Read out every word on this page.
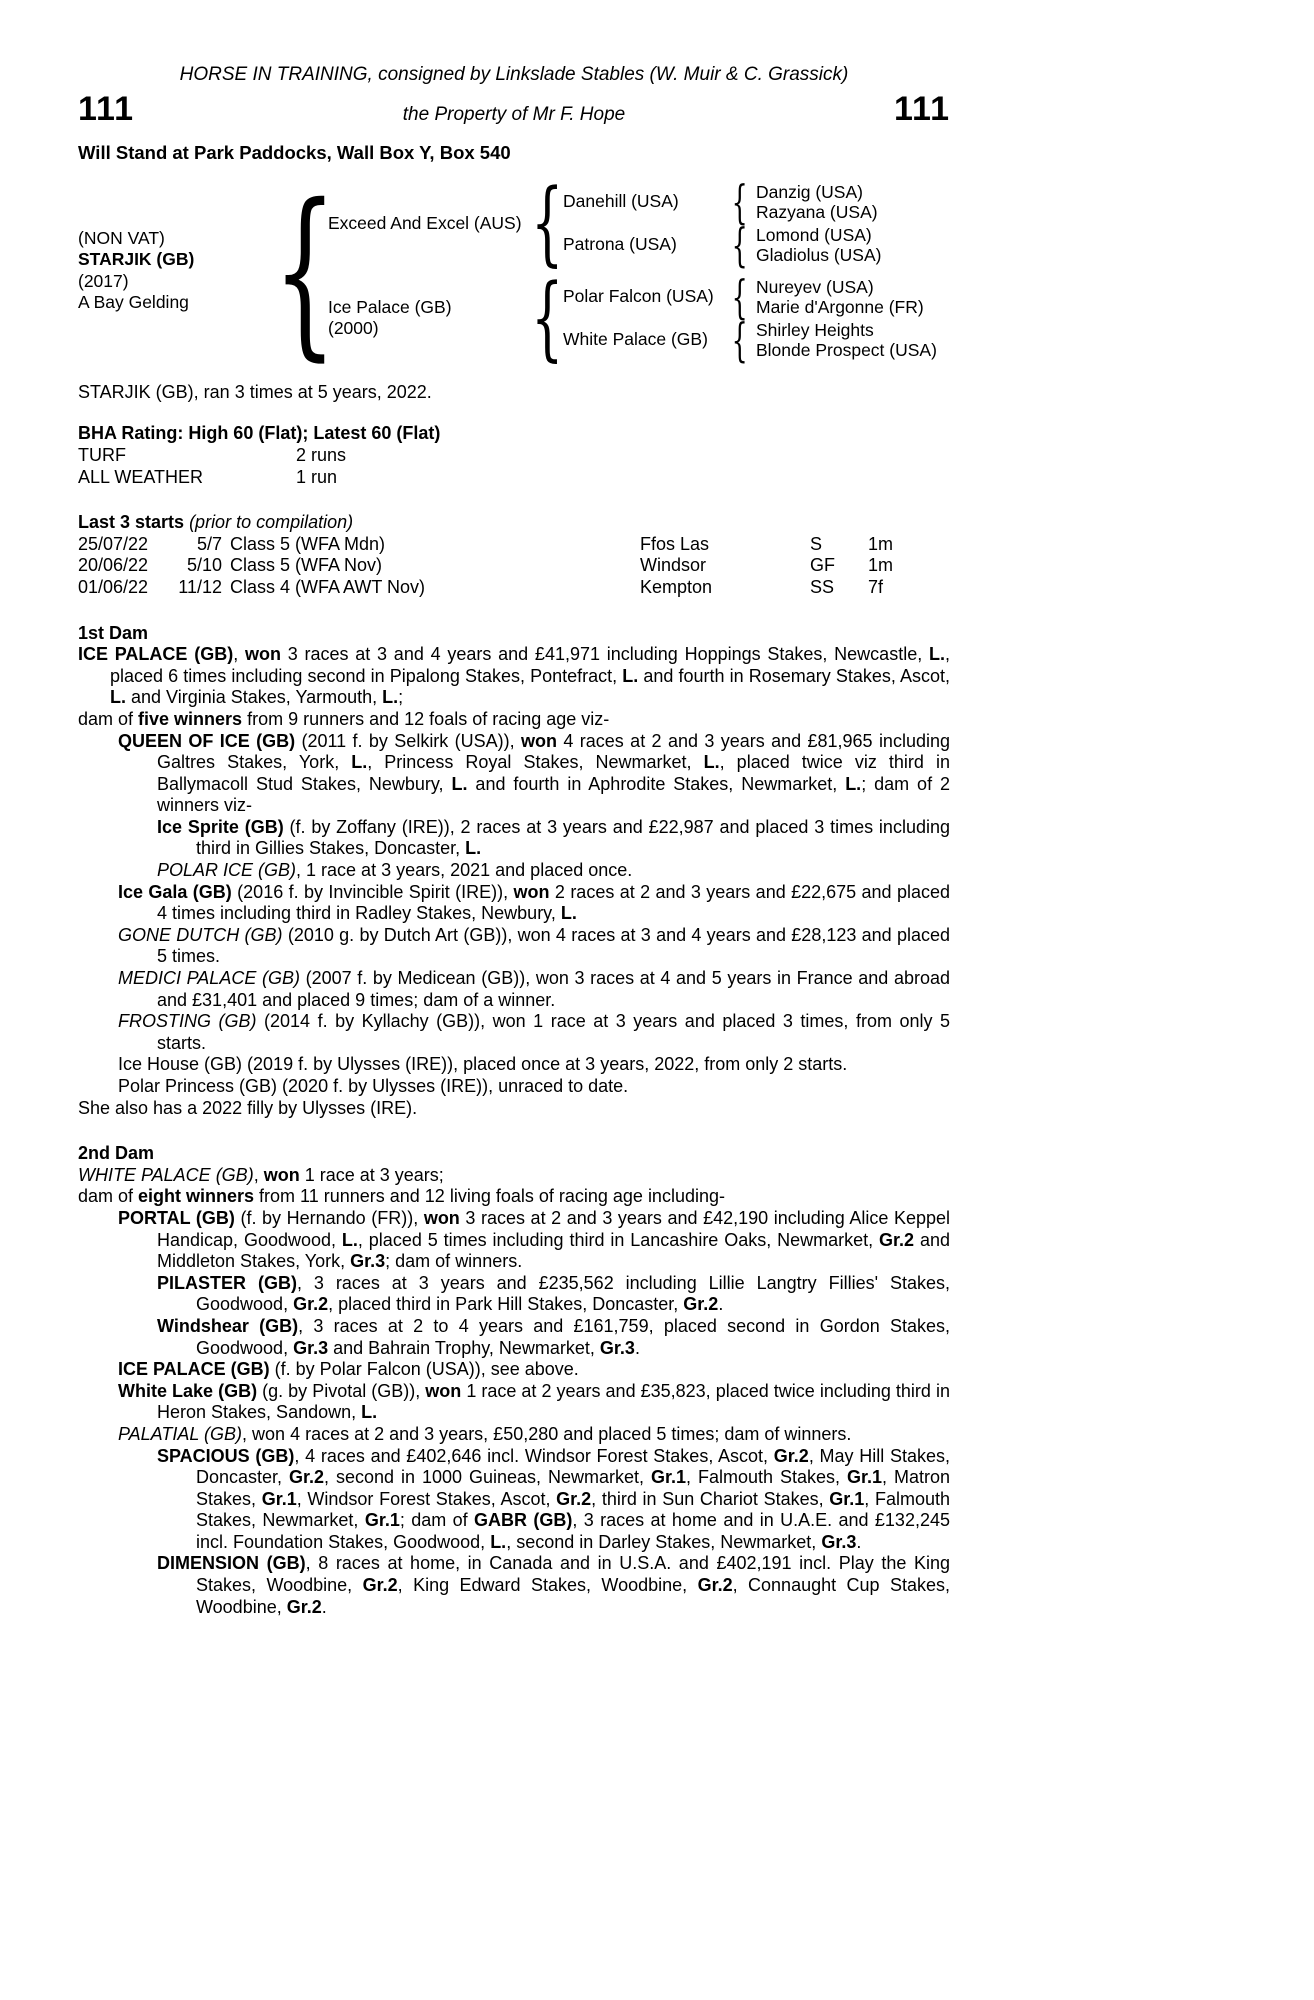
HORSE IN TRAINING, consigned by Linkslade Stables (W. Muir & C. Grassick)
111	the Property of Mr F. Hope	111
Will Stand at Park Paddocks, Wall Box Y, Box 540
(NON VAT)
STARJIK (GB)
(2017)
A Bay Gelding {
Exceed And Excel (AUS) { Danehill (USA)	{ Danzig (USA)
Razyana (USA)
Patrona (USA)	{ Lomond (USA)
Gladiolus (USA)
Ice Palace (GB)
(2000)	{ Polar Falcon (USA) { Nureyev (USA)
Marie d'Argonne (FR)
White Palace (GB) { Shirley Heights
Blonde Prospect (USA)
STARJIK (GB), ran 3 times at 5 years, 2022.
BHA Rating: High 60 (Flat); Latest 60 (Flat)
TURF	2 runs
ALL WEATHER	1 run
Last 3 starts (prior to compilation)
25/07/22	5/7 Class 5 (WFA Mdn)	Ffos Las	S	1m
20/06/22	5/10 Class 5 (WFA Nov)	Windsor	GF	1m
01/06/22	11/12 Class 4 (WFA AWT Nov)	Kempton	SS	7f
1st Dam

ICE PALACE (GB), won 3 races at 3 and 4 years and £41,971 including Hoppings Stakes, Newcastle, L., placed 6 times including second in Pipalong Stakes, Pontefract, L. and fourth in Rosemary Stakes, Ascot, L. and Virginia Stakes, Yarmouth, L.;

dam of five winners from 9 runners and 12 foals of racing age viz-

QUEEN OF ICE (GB) (2011 f. by Selkirk (USA)), won 4 races at 2 and 3 years and £81,965 including Galtres Stakes, York, L., Princess Royal Stakes, Newmarket, L., placed twice viz third in Ballymacoll Stud Stakes, Newbury, L. and fourth in Aphrodite Stakes, Newmarket, L.; dam of 2 winners viz-

Ice Sprite (GB) (f. by Zoffany (IRE)), 2 races at 3 years and £22,987 and placed 3 times including third in Gillies Stakes, Doncaster, L.

POLAR ICE (GB), 1 race at 3 years, 2021 and placed once.

Ice Gala (GB) (2016 f. by Invincible Spirit (IRE)), won 2 races at 2 and 3 years and £22,675 and placed 4 times including third in Radley Stakes, Newbury, L.

GONE DUTCH (GB) (2010 g. by Dutch Art (GB)), won 4 races at 3 and 4 years and £28,123 and placed 5 times.

MEDICI PALACE (GB) (2007 f. by Medicean (GB)), won 3 races at 4 and 5 years in France and abroad and £31,401 and placed 9 times; dam of a winner.

FROSTING (GB) (2014 f. by Kyllachy (GB)), won 1 race at 3 years and placed 3 times, from only 5 starts.

Ice House (GB) (2019 f. by Ulysses (IRE)), placed once at 3 years, 2022, from only 2 starts.

Polar Princess (GB) (2020 f. by Ulysses (IRE)), unraced to date.

She also has a 2022 filly by Ulysses (IRE).

2nd Dam

WHITE PALACE (GB), won 1 race at 3 years;

dam of eight winners from 11 runners and 12 living foals of racing age including-

PORTAL (GB) (f. by Hernando (FR)), won 3 races at 2 and 3 years and £42,190 including Alice Keppel Handicap, Goodwood, L., placed 5 times including third in Lancashire Oaks, Newmarket, Gr.2 and Middleton Stakes, York, Gr.3; dam of winners.

PILASTER (GB), 3 races at 3 years and £235,562 including Lillie Langtry Fillies' Stakes, Goodwood, Gr.2, placed third in Park Hill Stakes, Doncaster, Gr.2.

Windshear (GB), 3 races at 2 to 4 years and £161,759, placed second in Gordon Stakes, Goodwood, Gr.3 and Bahrain Trophy, Newmarket, Gr.3.

ICE PALACE (GB) (f. by Polar Falcon (USA)), see above.

White Lake (GB) (g. by Pivotal (GB)), won 1 race at 2 years and £35,823, placed twice including third in Heron Stakes, Sandown, L.

PALATIAL (GB), won 4 races at 2 and 3 years, £50,280 and placed 5 times; dam of winners.

SPACIOUS (GB), 4 races and £402,646 incl. Windsor Forest Stakes, Ascot, Gr.2, May Hill Stakes, Doncaster, Gr.2, second in 1000 Guineas, Newmarket, Gr.1, Falmouth Stakes, Gr.1, Matron Stakes, Gr.1, Windsor Forest Stakes, Ascot, Gr.2, third in Sun Chariot Stakes, Gr.1, Falmouth Stakes, Newmarket, Gr.1; dam of GABR (GB), 3 races at home and in U.A.E. and £132,245 incl. Foundation Stakes, Goodwood, L., second in Darley Stakes, Newmarket, Gr.3.

DIMENSION (GB), 8 races at home, in Canada and in U.S.A. and £402,191 incl. Play the King Stakes, Woodbine, Gr.2, King Edward Stakes, Woodbine, Gr.2, Connaught Cup Stakes, Woodbine, Gr.2.
